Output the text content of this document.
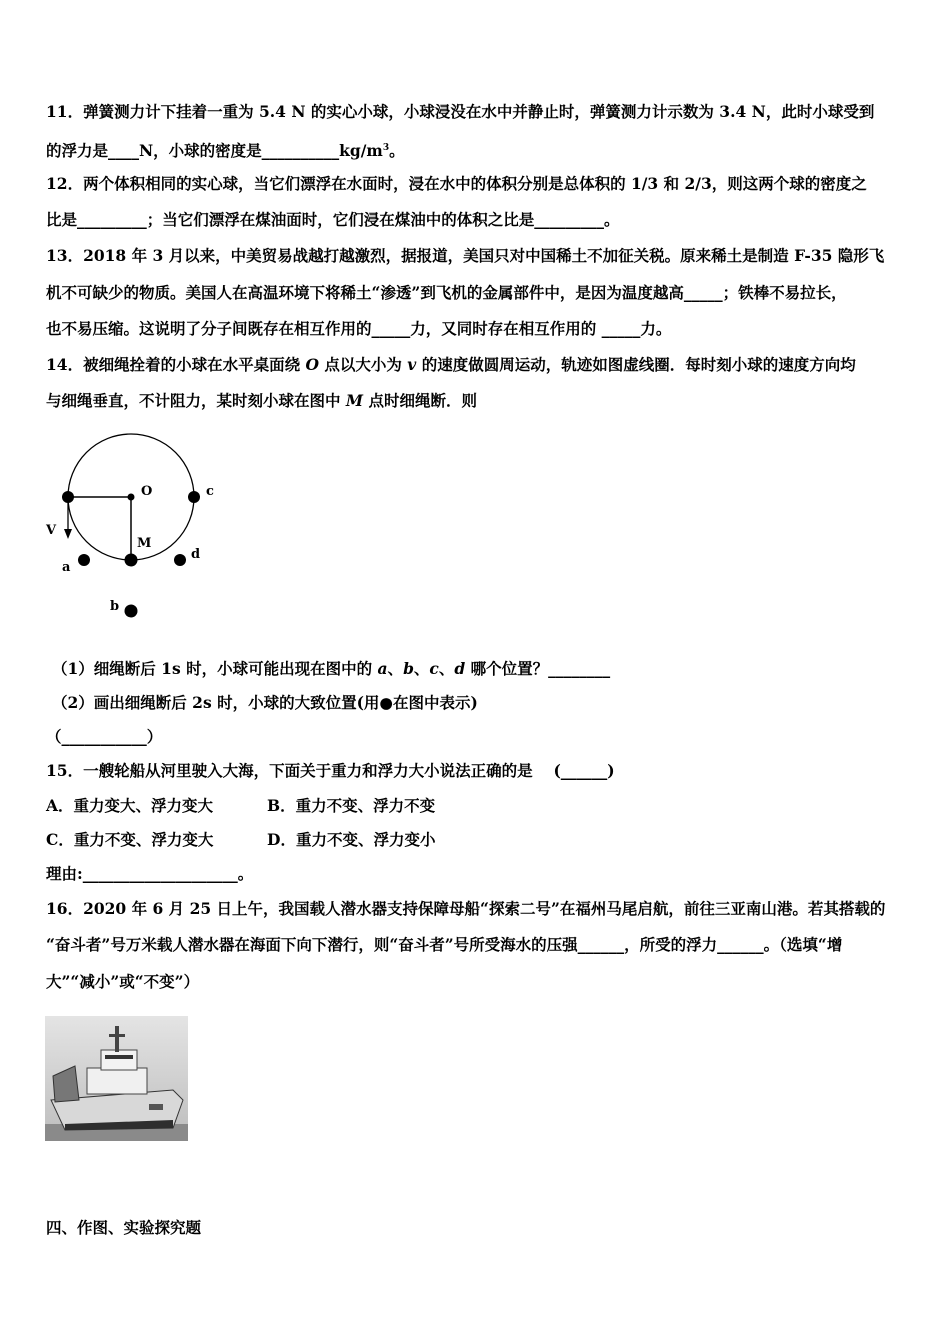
11．弹簧测力计下挂着一重为 5.4 N 的实心小球，小球浸没在水中并静止时，弹簧测力计示数为 3.4 N，此时小球受到
的浮力是____N，小球的密度是$\_\_\_\_\_\_\_\_\_\_kg/m^3$。
12．两个体积相同的实心球，当它们漂浮在水面时，浸在水中的体积分别是总体积的 1/3 和 2/3，则这两个球的密度之
比是_________；当它们漂浮在煤油面时，它们浸在煤油中的体积之比是_________。
13．2018 年 3 月以来，中美贸易战越打越激烈，据报道，美国只对中国稀土不加征关税。原来稀土是制造 F-35 隐形飞
机不可缺少的物质。美国人在高温环境下将稀土“渗透”到飞机的金属部件中，是因为温度越高_____；铁棒不易拉长，
也不易压缩。这说明了分子间既存在相互作用的_____力，又同时存在相互作用的 _____力。
14．被细绳拴着的小球在水平桌面绕 O 点以大小为 v 的速度做圆周运动，轨迹如图虚线圈．每时刻小球的速度方向均
与细绳垂直，不计阻力，某时刻小球在图中 M 点时细绳断．则
O	c
V
M
a
d
b
（1）细绳断后 1s 时，小球可能出现在图中的 a、b、c、d 哪个位置？________
（2）画出细绳断后 2s 时，小球的大致位置(用●在图中表示)
（___________）
15．一艘轮船从河里驶入大海，下面关于重力和浮力大小说法正确的是　 (______)
A．重力变大、浮力变大	B．重力不变、浮力不变
C．重力不变、浮力变大	D．重力不变、浮力变小
理由:____________________。
16．2020 年 6 月 25 日上午，我国载人潜水器支持保障母船“探索二号”在福州马尾启航，前往三亚南山港。若其搭载的
“奋斗者”号万米载人潜水器在海面下向下潜行，则“奋斗者”号所受海水的压强______，所受的浮力______。（选填“增
大”“减小”或“不变”）
四、作图、实验探究题
